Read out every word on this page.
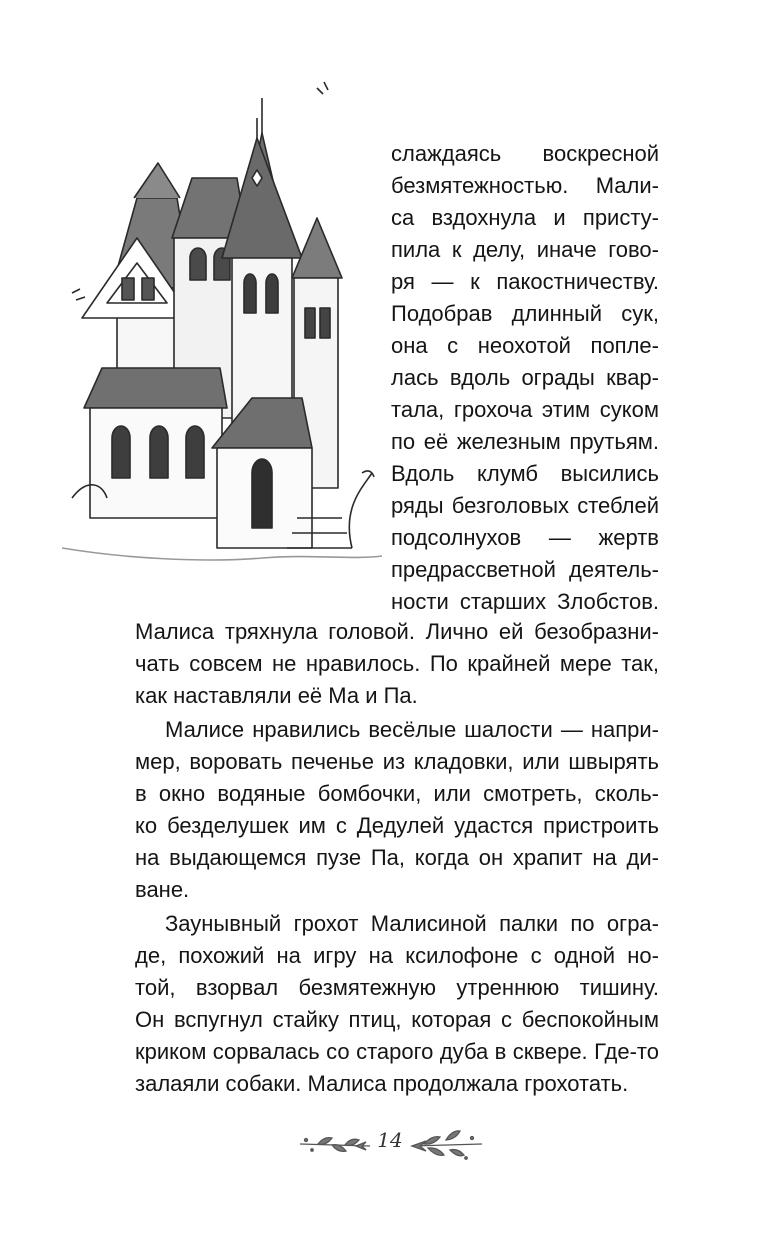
слаждаясь воскресной
безмятежностью. Мали-
са вздохнула и присту-
пила к делу, иначе гово-
ря — к пакостничеству.
Подобрав длинный сук,
она с неохотой попле-
лась вдоль ограды квар-
тала, грохоча этим суком
по её железным прутьям.
Вдоль клумб высились
ряды безголовых стеблей
подсолнухов — жертв
предрассветной деятель-
ности старших Злобстов.
Малиса тряхнула головой. Лично ей безобразни-
чать совсем не нравилось. По крайней мере так,
как наставляли её Ма и Па.
Малисе нравились весёлые шалости — напри-
мер, воровать печенье из кладовки, или швырять
в окно водяные бомбочки, или смотреть, сколь-
ко безделушек им с Дедулей удастся пристроить
на выдающемся пузе Па, когда он храпит на ди-
ване.
Заунывный грохот Малисиной палки по огра-
де, похожий на игру на ксилофоне с одной но-
той, взорвал безмятежную утреннюю тишину.
Он вспугнул стайку птиц, которая с беспокойным
криком сорвалась со старого дуба в сквере. Где-то
залаяли собаки. Малиса продолжала грохотать.
14
